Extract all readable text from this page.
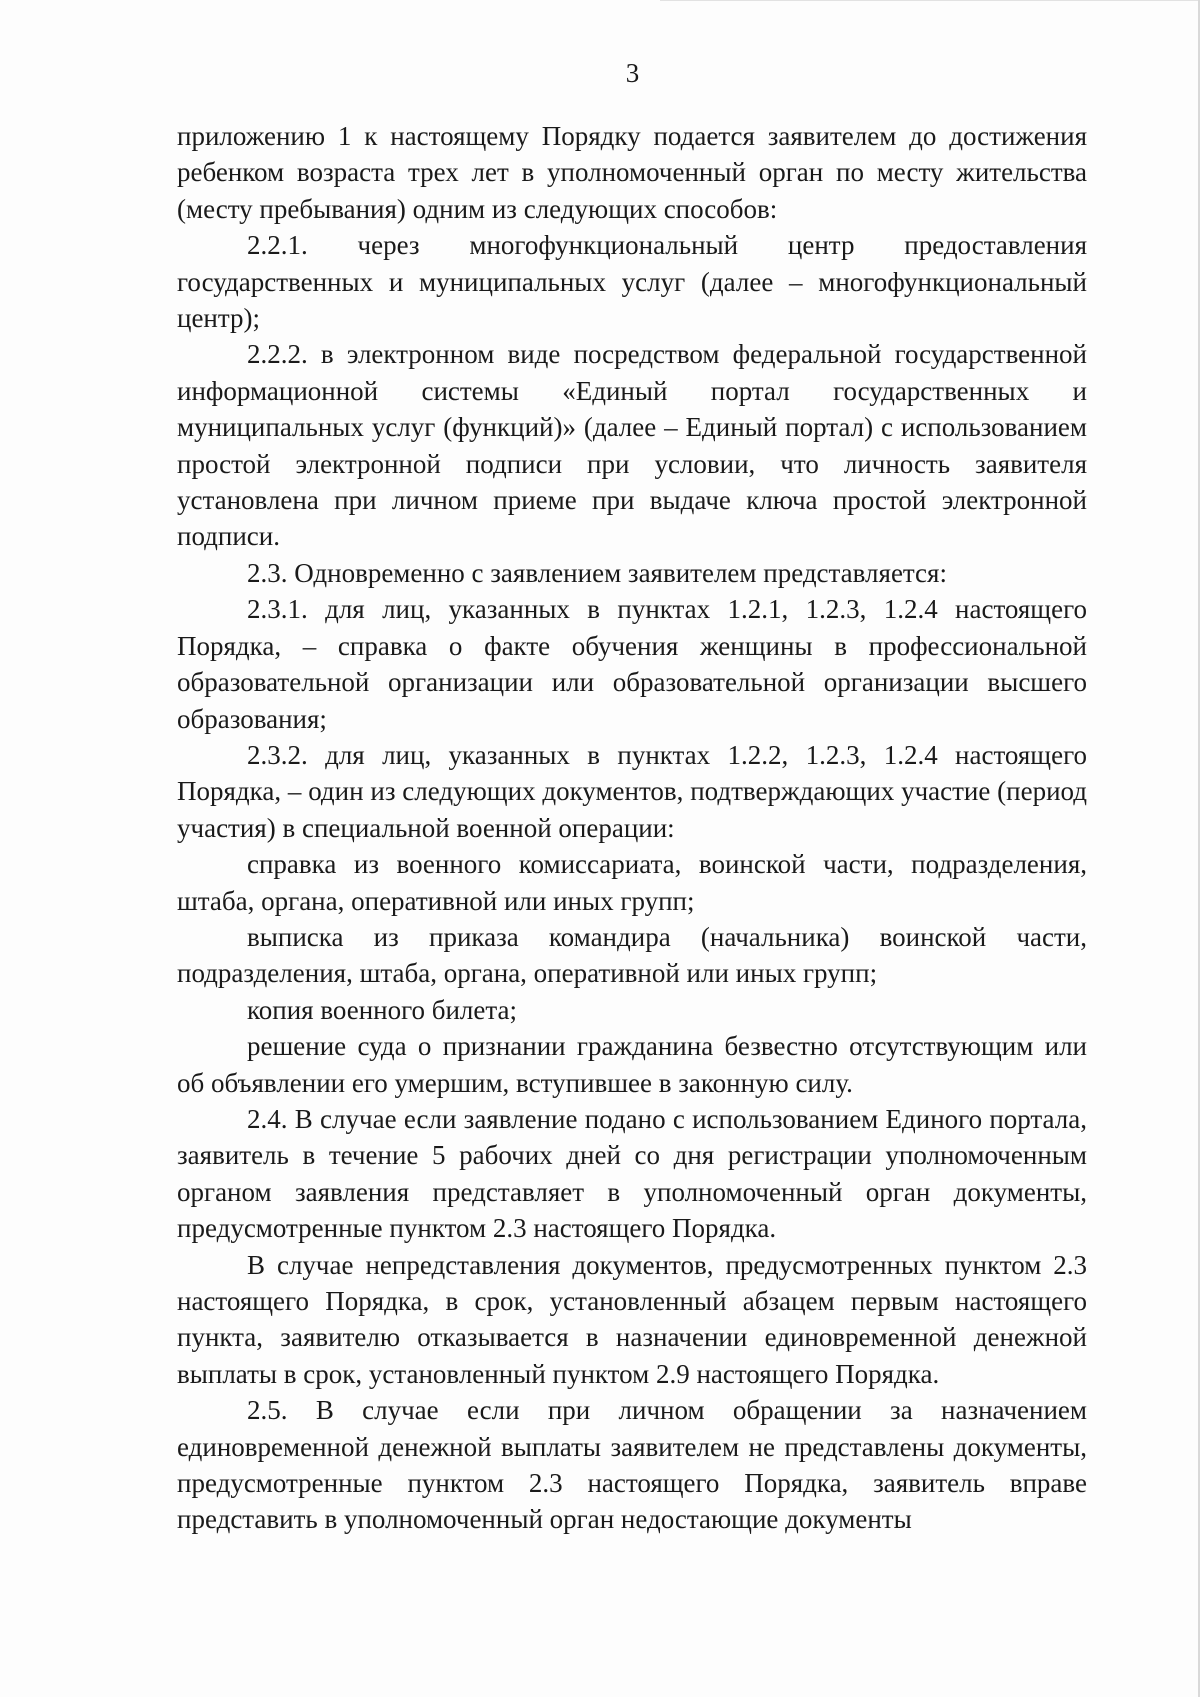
3

приложению 1 к настоящему Порядку подается заявителем до достижения ребенком возраста трех лет в уполномоченный орган по месту жительства (месту пребывания) одним из следующих способов:

2.2.1. через многофункциональный центр предоставления государственных и муниципальных услуг (далее – многофункциональный центр);

2.2.2. в электронном виде посредством федеральной государственной информационной системы «Единый портал государственных и муниципальных услуг (функций)» (далее – Единый портал) с использованием простой электронной подписи при условии, что личность заявителя установлена при личном приеме при выдаче ключа простой электронной подписи.

2.3. Одновременно с заявлением заявителем представляется:

2.3.1. для лиц, указанных в пунктах 1.2.1, 1.2.3, 1.2.4 настоящего Порядка, – справка о факте обучения женщины в профессиональной образовательной организации или образовательной организации высшего образования;

2.3.2. для лиц, указанных в пунктах 1.2.2, 1.2.3, 1.2.4 настоящего Порядка, – один из следующих документов, подтверждающих участие (период участия) в специальной военной операции:

справка из военного комиссариата, воинской части, подразделения, штаба, органа, оперативной или иных групп;

выписка из приказа командира (начальника) воинской части, подразделения, штаба, органа, оперативной или иных групп;

копия военного билета;

решение суда о признании гражданина безвестно отсутствующим или об объявлении его умершим, вступившее в законную силу.

2.4. В случае если заявление подано с использованием Единого портала, заявитель в течение 5 рабочих дней со дня регистрации уполномоченным органом заявления представляет в уполномоченный орган документы, предусмотренные пунктом 2.3 настоящего Порядка.

В случае непредставления документов, предусмотренных пунктом 2.3 настоящего Порядка, в срок, установленный абзацем первым настоящего пункта, заявителю отказывается в назначении единовременной денежной выплаты в срок, установленный пунктом 2.9 настоящего Порядка.

2.5. В случае если при личном обращении за назначением единовременной денежной выплаты заявителем не представлены документы, предусмотренные пунктом 2.3 настоящего Порядка, заявитель вправе представить в уполномоченный орган недостающие документы
